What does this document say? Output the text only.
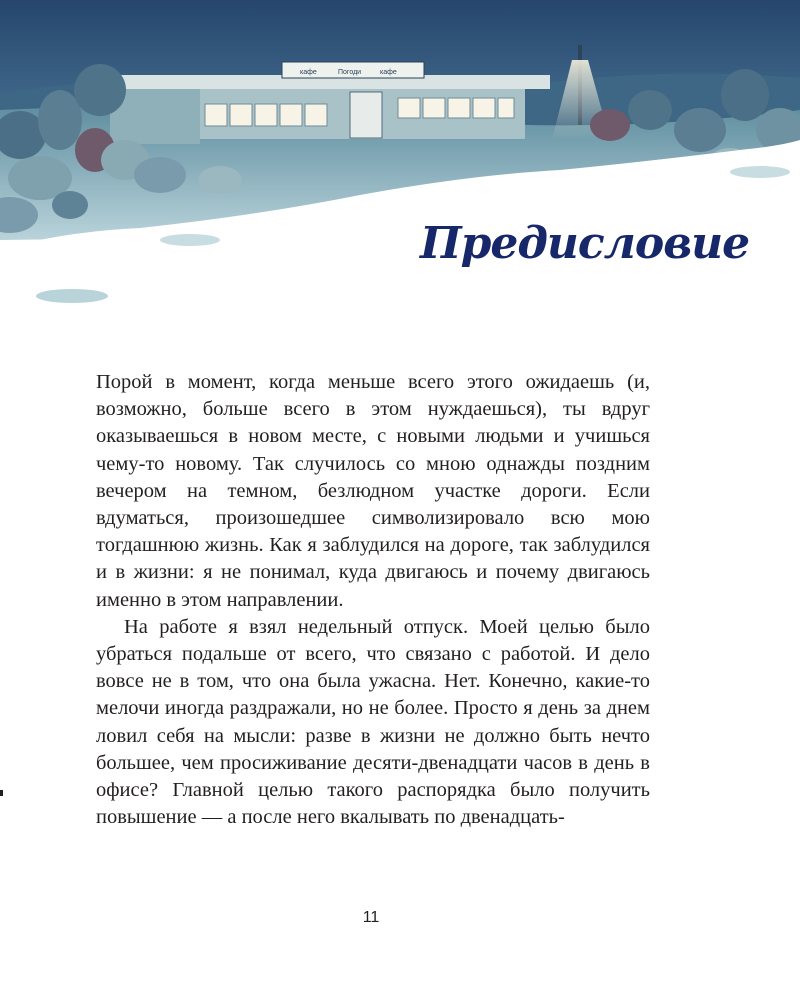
кафе	Погоди	кафе
Предисловие

Порой в момент, когда меньше всего этого ожидаешь (и, возможно, больше всего в этом нуждаешься), ты вдруг оказываешься в новом месте, с новыми людьми и учишься чему-то новому. Так случилось со мною однажды поздним вечером на темном, безлюдном участке дороги. Если вдуматься, произошедшее символизировало всю мою тогдашнюю жизнь. Как я заблудился на дороге, так заблудился и в жизни: я не понимал, куда двигаюсь и почему двигаюсь именно в этом направлении.

На работе я взял недельный отпуск. Моей целью было убраться подальше от всего, что связано с работой. И дело вовсе не в том, что она была ужасна. Нет. Конечно, какие-то мелочи иногда раздражали, но не более. Просто я день за днем ловил себя на мысли: разве в жизни не должно быть нечто большее, чем просиживание десяти-двенадцати часов в день в офисе? Главной целью такого распорядка было получить повышение — а после него вкалывать по двенадцать-

11
